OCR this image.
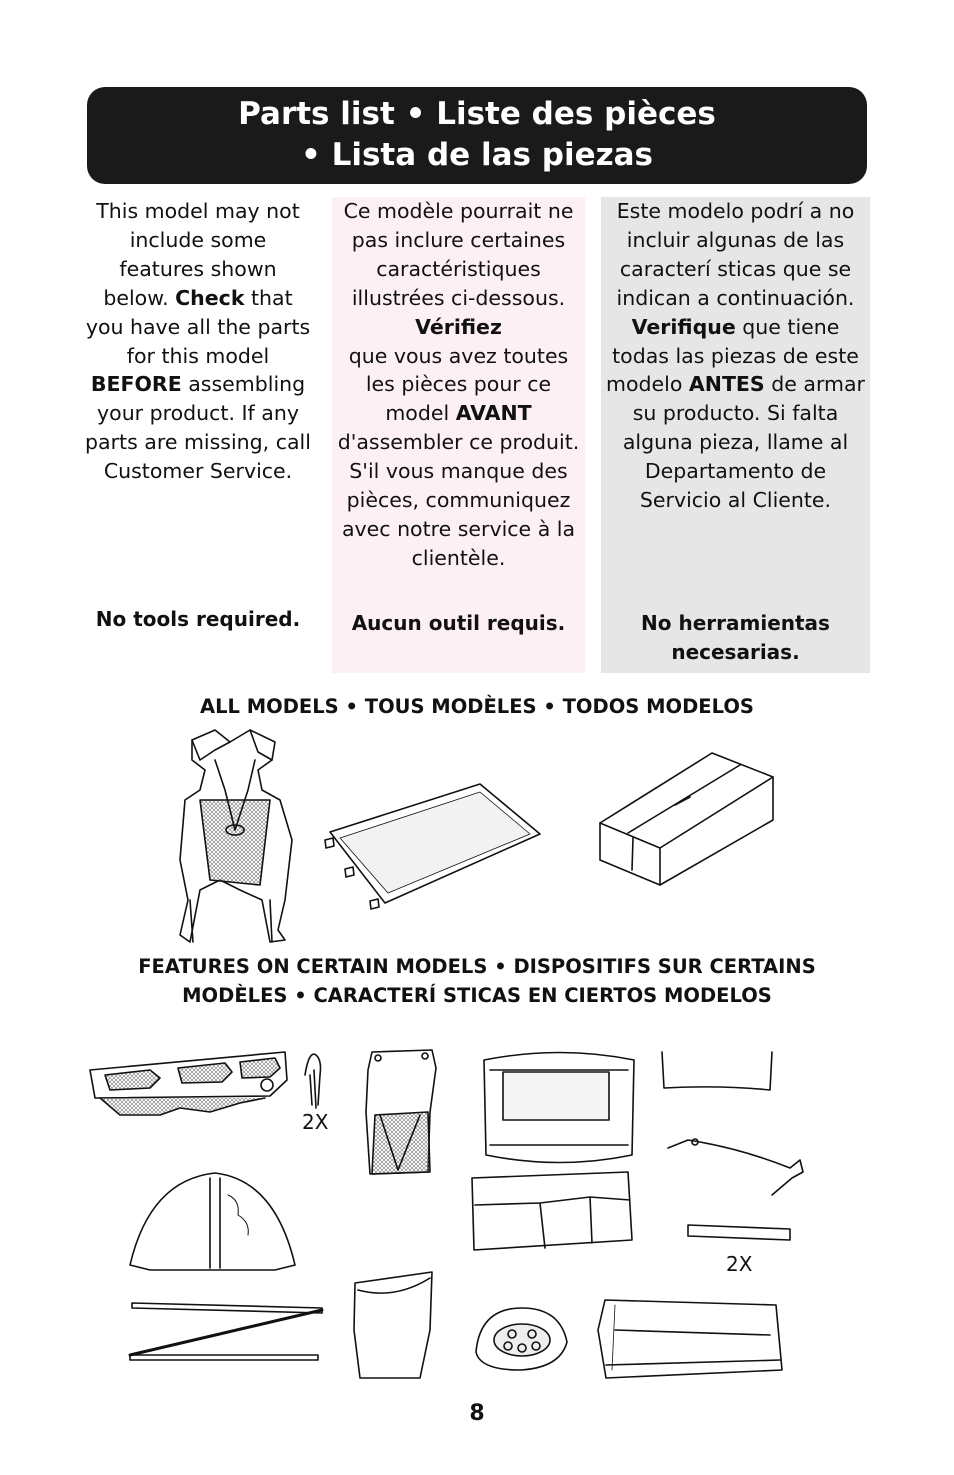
Parts list • Liste des pièces
• Lista de las piezas
This model may not include some features shown below. Check that you have all the parts for this model BEFORE assembling your product. If any parts are missing, call Customer Service.
No tools required.
Ce modèle pourrait ne pas inclure certaines caractéristiques illustrées ci-dessous.
Vérifiez
que vous avez toutes les pièces pour ce model AVANT d'assembler ce produit. S'il vous manque des pièces, communiquez avec notre service à la clientèle.
Aucun outil requis.
Este modelo podrí a no incluir algunas de las caracterí sticas que se indican a continuación. Verifique que tiene todas las piezas de este modelo ANTES de armar su producto. Si falta alguna pieza, llame al Departamento de Servicio al Cliente.
No herramientas necesarias.
ALL MODELS • TOUS MODÈLES • TODOS MODELOS
FEATURES ON CERTAIN MODELS • DISPOSITIFS SUR CERTAINS
MODÈLES • CARACTERÍ STICAS EN CIERTOS MODELOS
2X
2X
8
